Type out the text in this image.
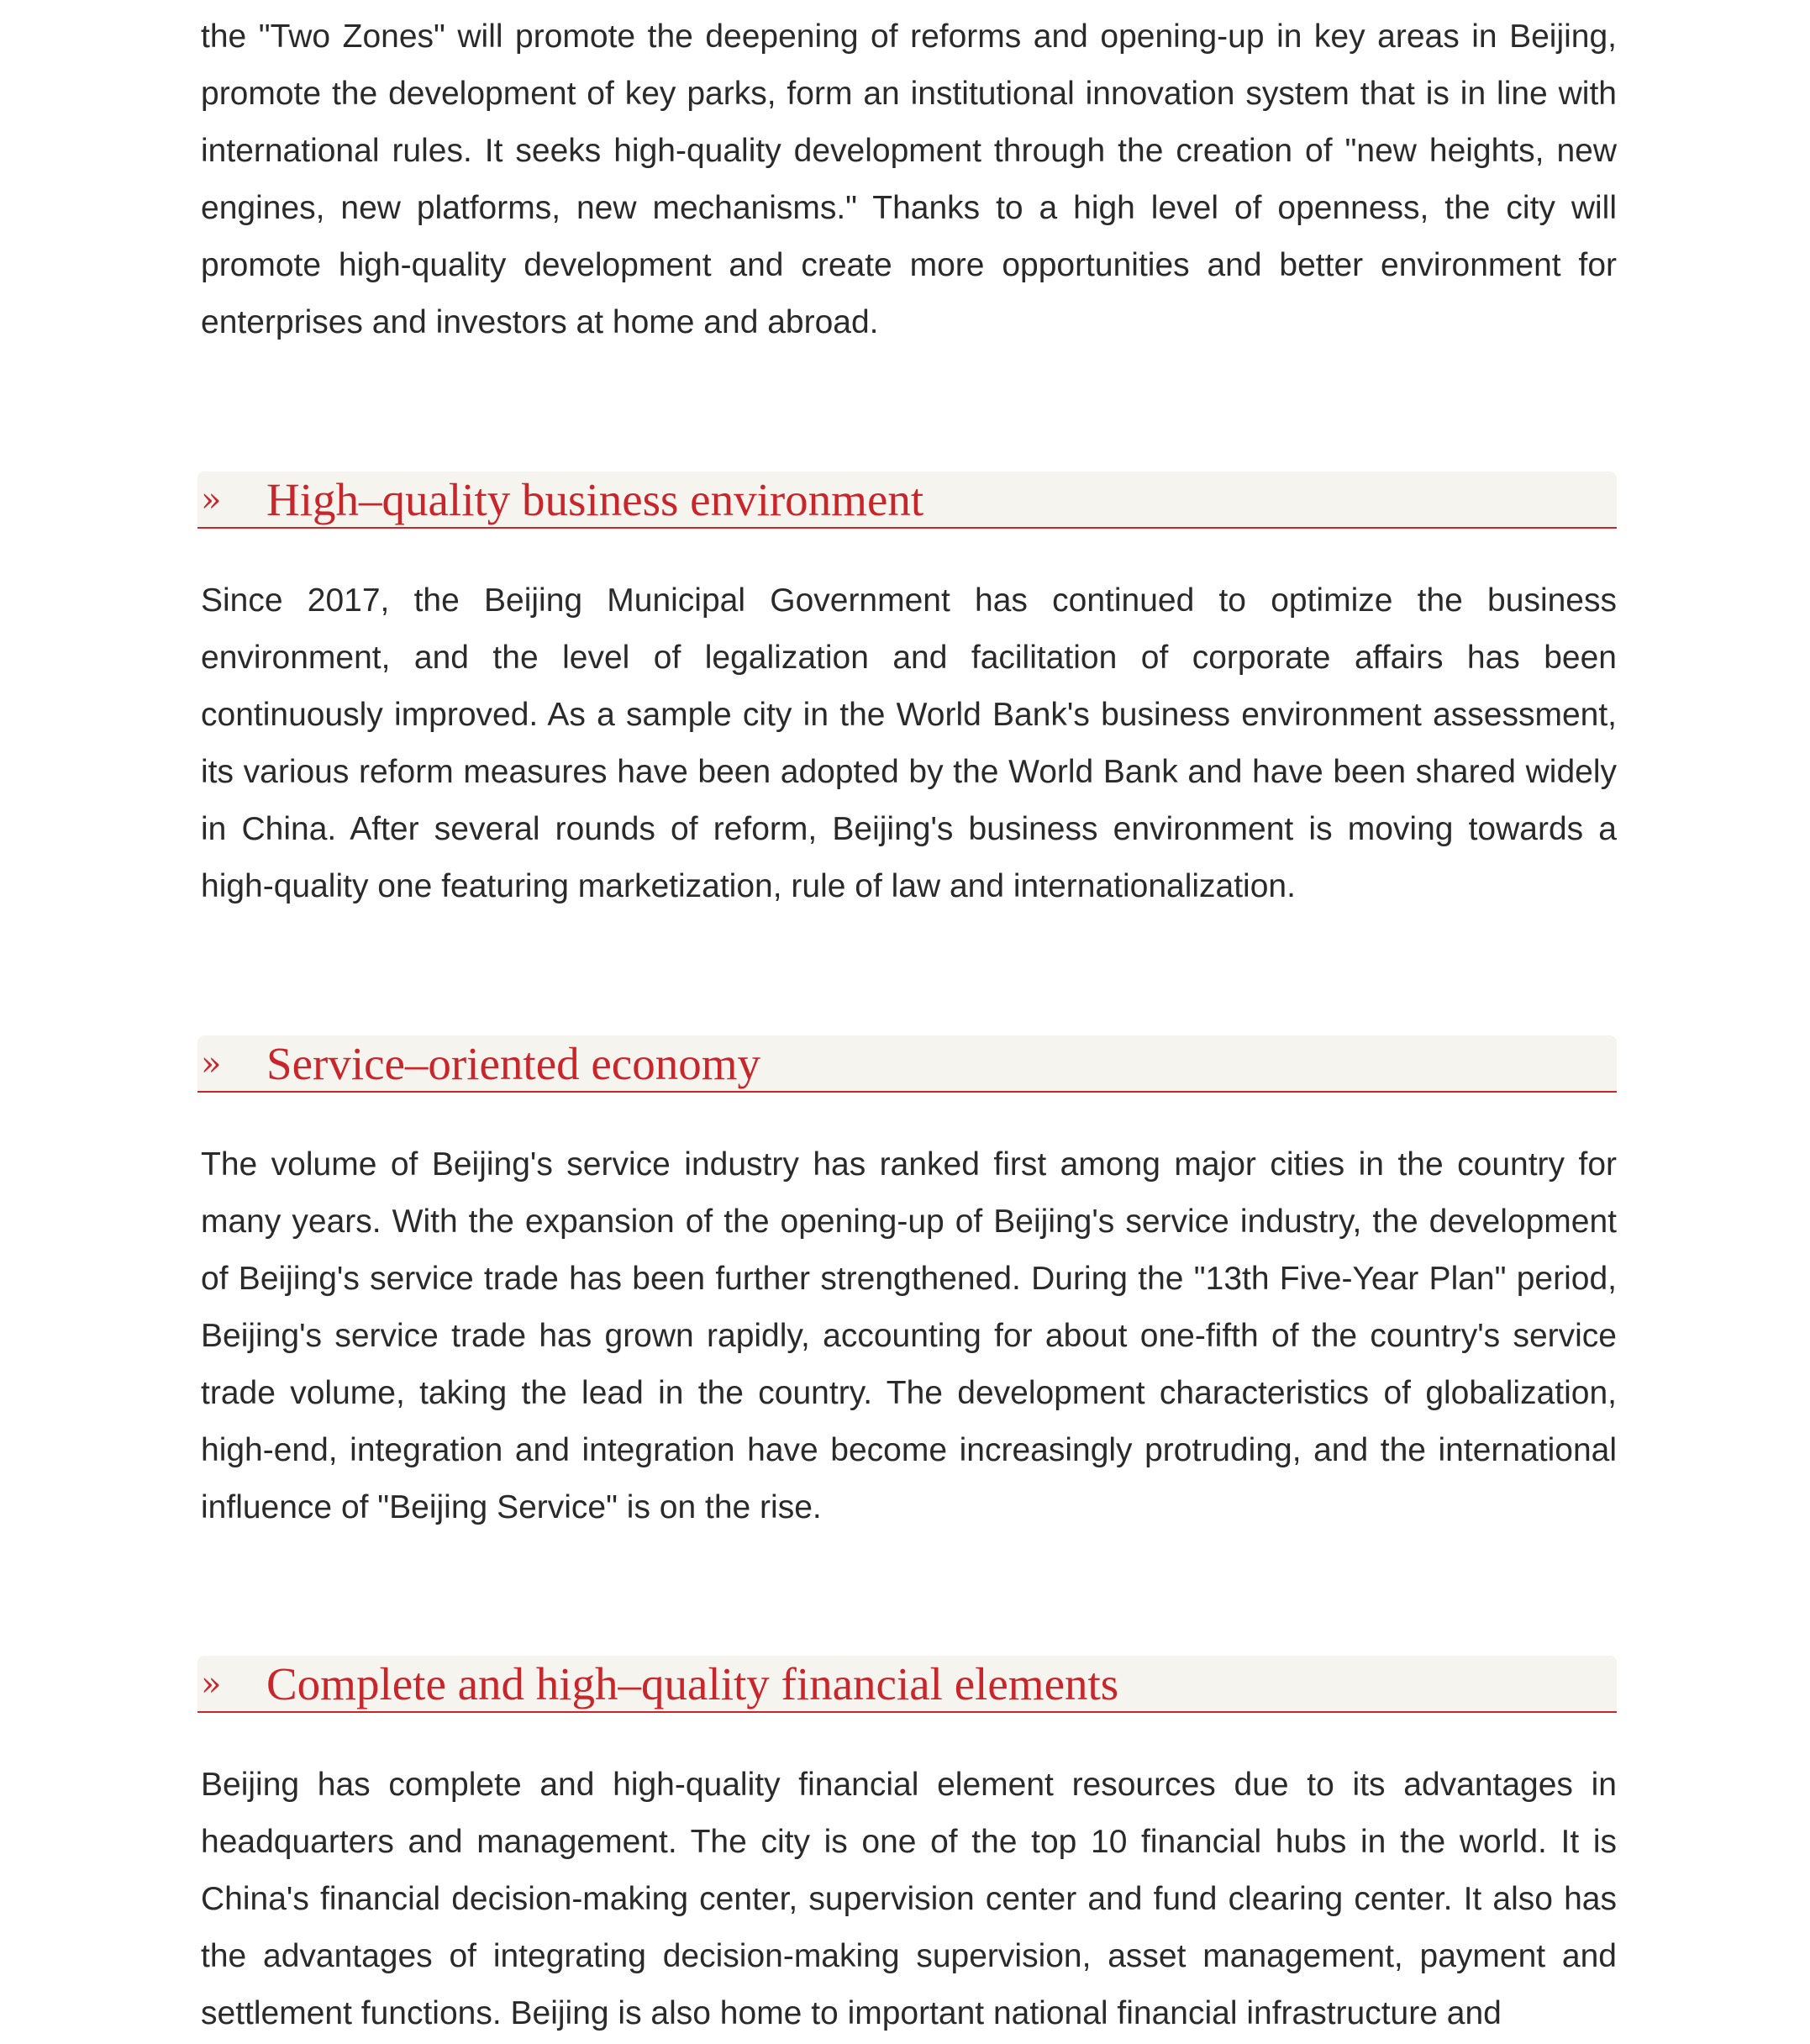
the "Two Zones" will promote the deepening of reforms and opening-up in key areas in Beijing, promote the development of key parks, form an institutional innovation system that is in line with international rules. It seeks high-quality development through the creation of "new heights, new engines, new platforms, new mechanisms." Thanks to a high level of openness, the city will promote high-quality development and create more opportunities and better environment for enterprises and investors at home and abroad.

» High–quality business environment

Since 2017, the Beijing Municipal Government has continued to optimize the business environment, and the level of legalization and facilitation of corporate affairs has been continuously improved. As a sample city in the World Bank's business environment assessment, its various reform measures have been adopted by the World Bank and have been shared widely in China. After several rounds of reform, Beijing's business environment is moving towards a high-quality one featuring marketization, rule of law and internationalization.

» Service–oriented economy

The volume of Beijing's service industry has ranked first among major cities in the country for many years. With the expansion of the opening-up of Beijing's service industry, the development of Beijing's service trade has been further strengthened. During the "13th Five-Year Plan" period, Beijing's service trade has grown rapidly, accounting for about one-fifth of the country's service trade volume, taking the lead in the country. The development characteristics of globalization, high-end, integration and integration have become increasingly protruding, and the international influence of "Beijing Service" is on the rise.

» Complete and high–quality financial elements

Beijing has complete and high-quality financial element resources due to its advantages in headquarters and management. The city is one of the top 10 financial hubs in the world. It is China's financial decision-making center, supervision center and fund clearing center. It also has the advantages of integrating decision-making supervision, asset management, payment and settlement functions. Beijing is also home to important national financial infrastructure and
